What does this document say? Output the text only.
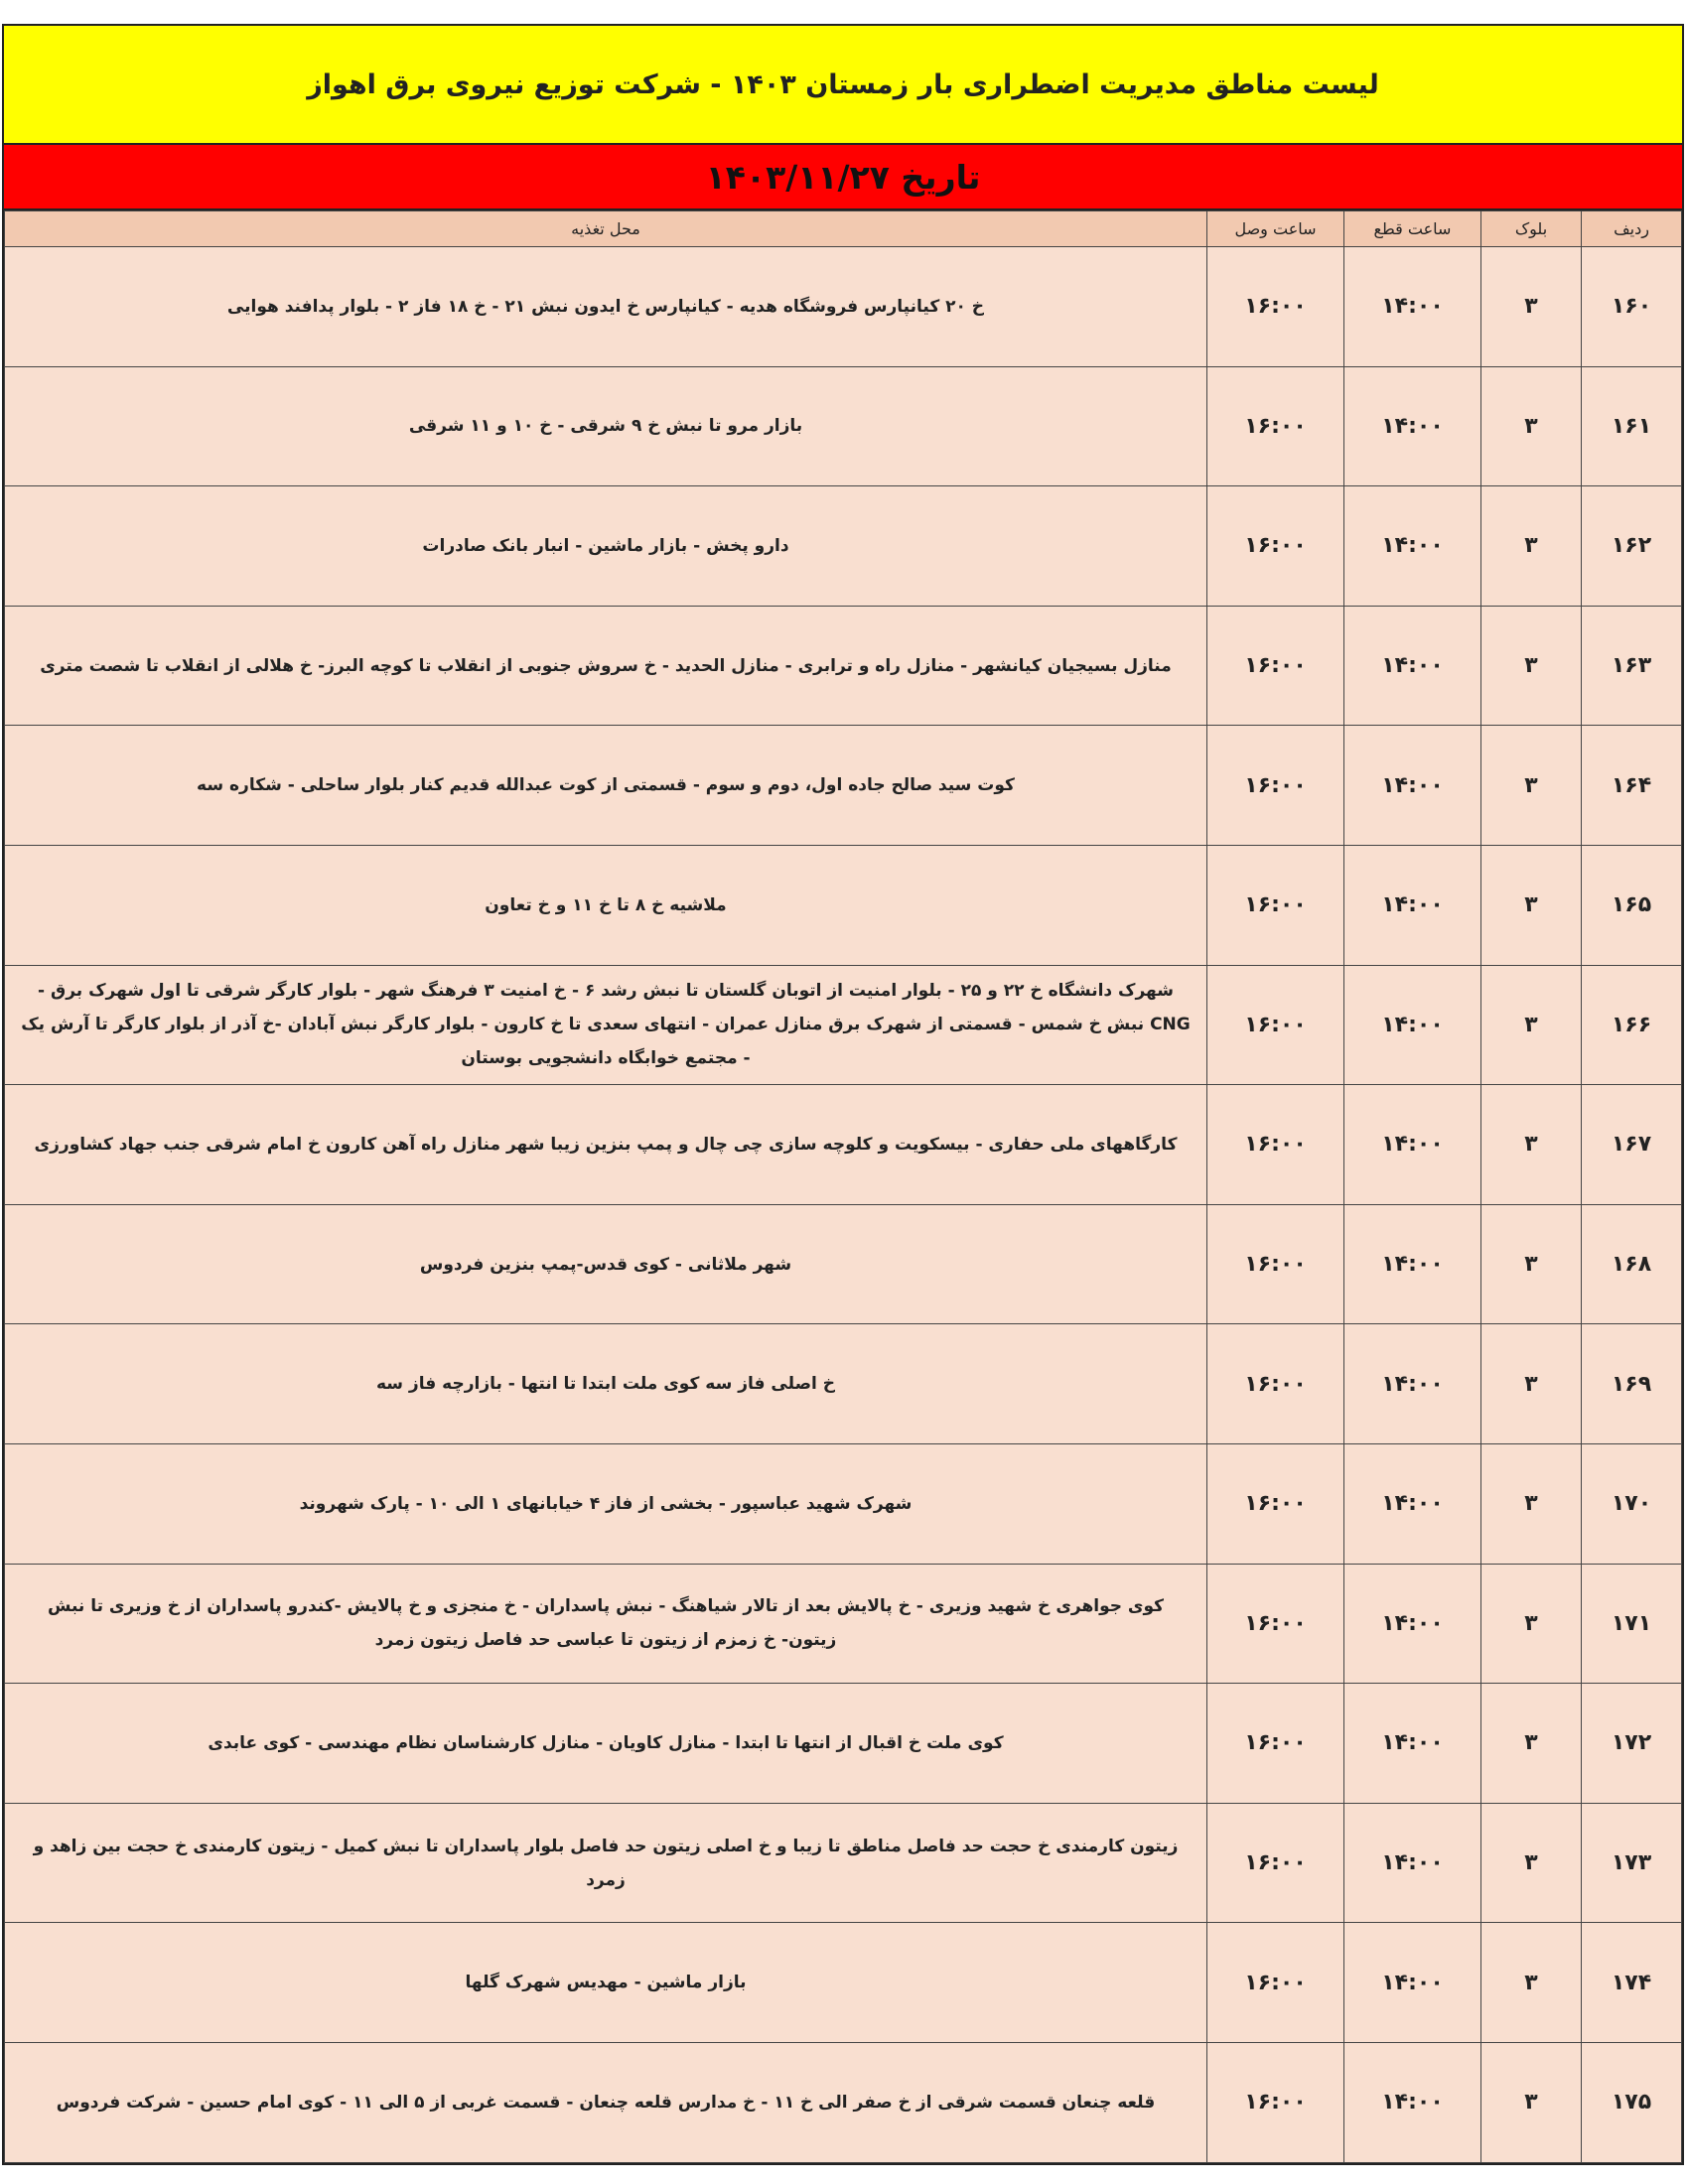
لیست مناطق مدیریت اضطراری بار زمستان ۱۴۰۳ - شرکت توزیع نیروی برق اهواز
تاریخ ۱۴۰۳/۱۱/۲۷
ردیف	بلوک	ساعت قطع	ساعت وصل	محل تغذیه
۱۶۰	۳	۱۴:۰۰	۱۶:۰۰	خ ۲۰ کیانپارس فروشگاه هدیه - کیانپارس خ ایدون نبش ۲۱ - خ ۱۸ فاز ۲ - بلوار پدافند هوایی
۱۶۱	۳	۱۴:۰۰	۱۶:۰۰	بازار مرو تا نبش خ ۹ شرقی - خ ۱۰ و ۱۱ شرقی
۱۶۲	۳	۱۴:۰۰	۱۶:۰۰	دارو پخش - بازار ماشین - انبار بانک صادرات
۱۶۳	۳	۱۴:۰۰	۱۶:۰۰	منازل بسیجیان کیانشهر - منازل راه و ترابری - منازل الحدید - خ سروش جنوبی از انقلاب تا کوچه البرز- خ هلالی از انقلاب تا شصت متری
۱۶۴	۳	۱۴:۰۰	۱۶:۰۰	کوت سید صالح جاده اول، دوم و سوم - قسمتی از کوت عبدالله قدیم کنار بلوار ساحلی - شکاره سه
۱۶۵	۳	۱۴:۰۰	۱۶:۰۰	ملاشیه خ ۸ تا خ ۱۱ و خ تعاون
۱۶۶	۳	۱۴:۰۰	۱۶:۰۰	شهرک دانشگاه خ ۲۲ و ۲۵ - بلوار امنیت از اتوبان گلستان تا نبش رشد ۶ - خ امنیت ۳ فرهنگ شهر - بلوار کارگر شرقی تا اول شهرک برق - CNG نبش خ شمس - قسمتی از شهرک برق منازل عمران - انتهای سعدی تا خ کارون - بلوار کارگر نبش آبادان -خ آذر از بلوار کارگر تا آرش یک - مجتمع خوابگاه دانشجویی بوستان
۱۶۷	۳	۱۴:۰۰	۱۶:۰۰	کارگاههای ملی حفاری - بیسکویت و کلوچه سازی چی چال و پمپ بنزین زیبا شهر منازل راه آهن کارون خ امام شرقی جنب جهاد کشاورزی
۱۶۸	۳	۱۴:۰۰	۱۶:۰۰	شهر ملاثانی - کوی قدس-پمپ بنزین فردوس
۱۶۹	۳	۱۴:۰۰	۱۶:۰۰	خ اصلی فاز سه کوی ملت ابتدا تا انتها - بازارچه فاز سه
۱۷۰	۳	۱۴:۰۰	۱۶:۰۰	شهرک شهید عباسپور - بخشی از فاز ۴ خیابانهای ۱ الی ۱۰ - پارک شهروند
۱۷۱	۳	۱۴:۰۰	۱۶:۰۰	کوی جواهری خ شهید وزیری - خ پالایش بعد از تالار شیاهنگ - نبش پاسداران - خ منجزی و خ پالایش -کندرو پاسداران از خ وزیری تا نبش زیتون- خ زمزم از زیتون تا عباسی حد فاصل زیتون زمرد
۱۷۲	۳	۱۴:۰۰	۱۶:۰۰	کوی ملت خ اقبال از انتها تا ابتدا - منازل کاویان - منازل کارشناسان نظام مهندسی - کوی عابدی
۱۷۳	۳	۱۴:۰۰	۱۶:۰۰	زیتون کارمندی خ حجت حد فاصل مناطق تا زیبا و خ اصلی زیتون حد فاصل بلوار پاسداران تا نبش کمیل - زیتون کارمندی خ حجت بین زاهد و زمرد
۱۷۴	۳	۱۴:۰۰	۱۶:۰۰	بازار ماشین - مهدیس شهرک گلها
۱۷۵	۳	۱۴:۰۰	۱۶:۰۰	قلعه چنعان قسمت شرقی از خ صفر الی خ ۱۱ - خ مدارس قلعه چنعان - قسمت غربی از ۵ الی ۱۱ - کوی امام حسین - شرکت فردوس
